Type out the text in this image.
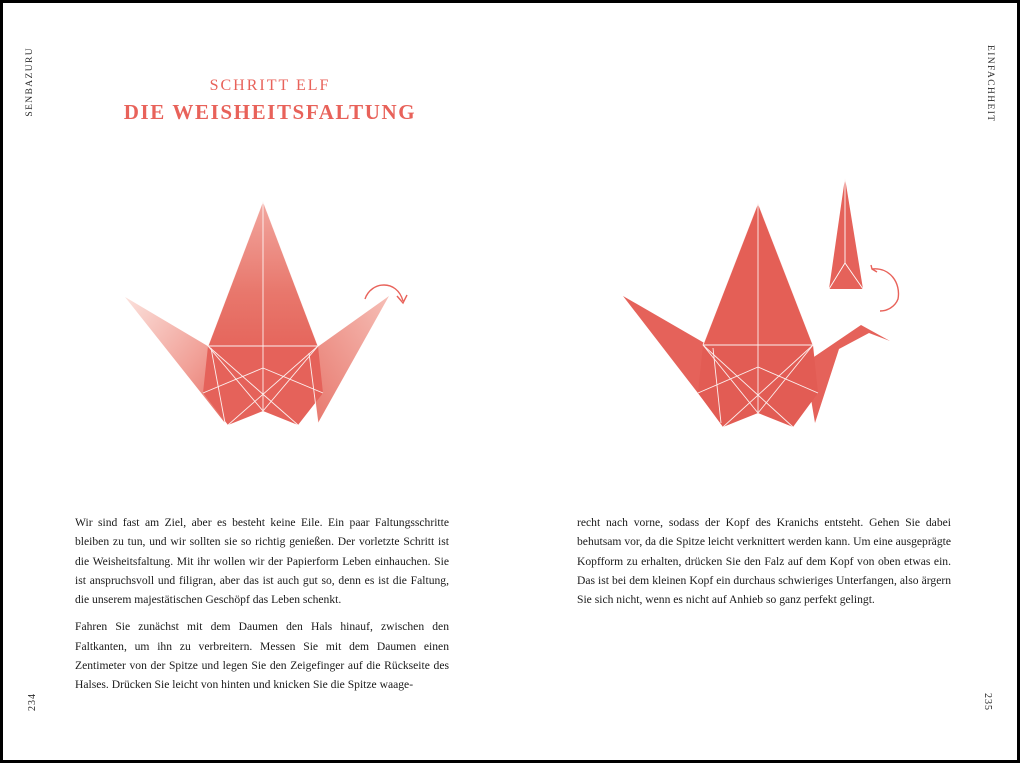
SENBAZURU	EINFACHHEIT
234	235
SCHRITT ELF
DIE WEISHEITSFALTUNG

Wir sind fast am Ziel, aber es besteht keine Eile. Ein paar Faltungsschritte bleiben zu tun, und wir sollten sie so richtig genießen. Der vorletzte Schritt ist die Weisheitsfaltung. Mit ihr wollen wir der Papierform Leben einhauchen. Sie ist anspruchsvoll und filigran, aber das ist auch gut so, denn es ist die Faltung, die unserem majestätischen Geschöpf das Leben schenkt.

Fahren Sie zunächst mit dem Daumen den Hals hinauf, zwischen den Faltkanten, um ihn zu verbreitern. Messen Sie mit dem Daumen einen Zentimeter von der Spitze und legen Sie den Zeigefinger auf die Rückseite des Halses. Drücken Sie leicht von hinten und knicken Sie die Spitze waage-

recht nach vorne, sodass der Kopf des Kranichs entsteht. Gehen Sie dabei behutsam vor, da die Spitze leicht verknittert werden kann. Um eine ausgeprägte Kopfform zu erhalten, drücken Sie den Falz auf dem Kopf von oben etwas ein. Das ist bei dem kleinen Kopf ein durchaus schwieriges Unterfangen, also ärgern Sie sich nicht, wenn es nicht auf Anhieb so ganz perfekt gelingt.
